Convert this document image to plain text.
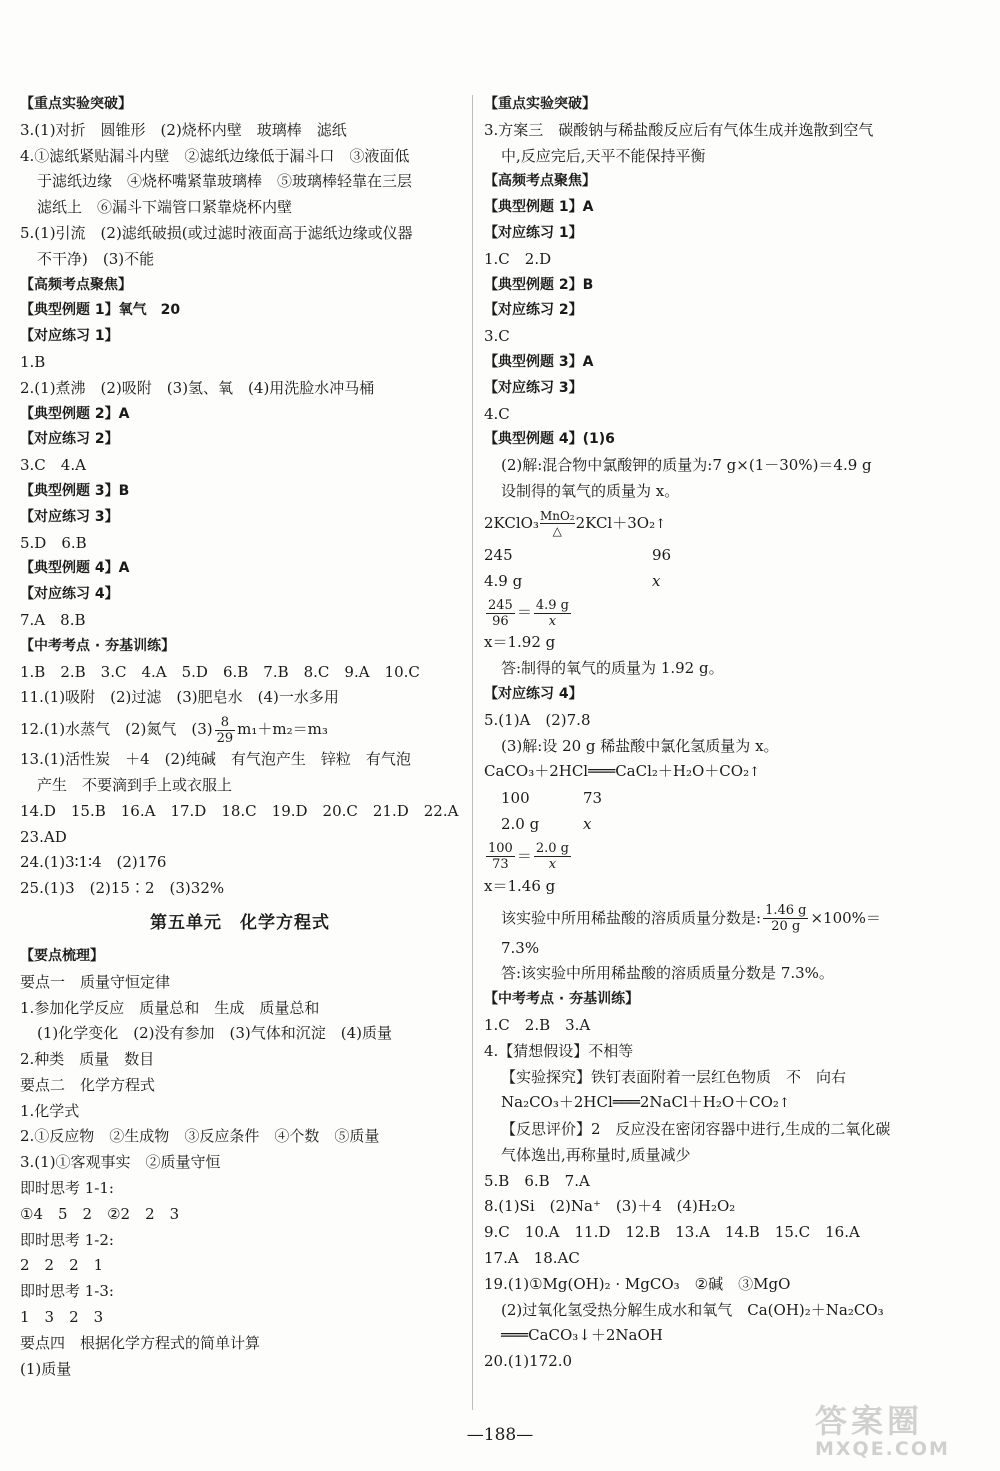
【重点实验突破】
3.(1)对折　圆锥形　(2)烧杯内壁　玻璃棒　滤纸
4.①滤纸紧贴漏斗内壁　②滤纸边缘低于漏斗口　③液面低
于滤纸边缘　④烧杯嘴紧靠玻璃棒　⑤玻璃棒轻靠在三层
滤纸上　⑥漏斗下端管口紧靠烧杯内壁
5.(1)引流　(2)滤纸破损(或过滤时液面高于滤纸边缘或仪器
不干净)　(3)不能
【高频考点聚焦】
【典型例题 1】氧气　20
【对应练习 1】
1.B
2.(1)煮沸　(2)吸附　(3)氢、氧　(4)用洗脸水冲马桶
【典型例题 2】A
【对应练习 2】
3.C　4.A
【典型例题 3】B
【对应练习 3】
5.D　6.B
【典型例题 4】A
【对应练习 4】
7.A　8.B
【中考考点 · 夯基训练】
1.B　2.B　3.C　4.A　5.D　6.B　7.B　8.C　9.A　10.C
11.(1)吸附　(2)过滤　(3)肥皂水　(4)一水多用
12.(1)水蒸气　(2)氮气　$(3) \frac{8}{29} m_1+m_2=m_3$
13.(1)活性炭　＋4　(2)纯碱　有气泡产生　锌粒　有气泡
产生　不要滴到手上或衣服上
14.D　15.B　16.A　17.D　18.C　19.D　20.C　21.D　22.A
23.AD
24.(1)3∶1∶4　(2)176
25.(1)3　(2)15∶2　(3)32%
第五单元　化学方程式
【要点梳理】
要点一　质量守恒定律
1.参加化学反应　质量总和　生成　质量总和
(1)化学变化　(2)没有参加　(3)气体和沉淀　(4)质量
2.种类　质量　数目
要点二　化学方程式
1.化学式
2.①反应物　②生成物　③反应条件　④个数　⑤质量
3.(1)①客观事实　②质量守恒
即时思考 1-1:
①4　5　2　②2　2　3
即时思考 1-2:
2　2　2　1
即时思考 1-3:
1　3　2　3
要点四　根据化学方程式的简单计算
(1)质量
【重点实验突破】
3.方案三　碳酸钠与稀盐酸反应后有气体生成并逸散到空气
中,反应完后,天平不能保持平衡
【高频考点聚焦】
【典型例题 1】A
【对应练习 1】
1.C　2.D
【典型例题 2】B
【对应练习 2】
3.C
【典型例题 3】A
【对应练习 3】
4.C
【典型例题 4】(1)6
(2)解:混合物中氯酸钾的质量为:7 g×(1－30%)＝4.9 g
设制得的氧气的质量为 x。
2KClO₃ MnO₂
△ 2KCl＋3O₂↑
245	96
4.9 g	x
$\frac{245}{96} = \frac{4.9 g}{x}$
x＝1.92 g
答:制得的氧气的质量为 1.92 g。
【对应练习 4】
5.(1)A　(2)7.8
(3)解:设 20 g 稀盐酸中氯化氢质量为 x。
CaCO₃＋2HCl═══CaCl₂＋H₂O＋CO₂↑
100	73
2.0 g	x
$\frac{100}{73} = \frac{2.0 g}{x}$
x＝1.46 g
该实验中所用稀盐酸的溶质质量分数是: $\frac{1.46 g}{20 g} \times 100\%=$
7.3%
答:该实验中所用稀盐酸的溶质质量分数是 7.3%。
【中考考点 · 夯基训练】
1.C　2.B　3.A
4.【猜想假设】不相等
【实验探究】铁钉表面附着一层红色物质　不　向右
Na₂CO₃＋2HCl═══2NaCl＋H₂O＋CO₂↑
【反思评价】2　反应没在密闭容器中进行,生成的二氧化碳
气体逸出,再称量时,质量减少
5.B　6.B　7.A
8.(1)Si　(2)Na⁺　(3)＋4　(4)H₂O₂
9.C　10.A　11.D　12.B　13.A　14.B　15.C　16.A
17.A　18.AC
19.(1)①Mg(OH)₂ · MgCO₃　②碱　③MgO
(2)过氧化氢受热分解生成水和氧气　Ca(OH)₂＋Na₂CO₃
═══CaCO₃↓＋2NaOH
20.(1)172.0
—188—	答案圈
MXQE.COM
